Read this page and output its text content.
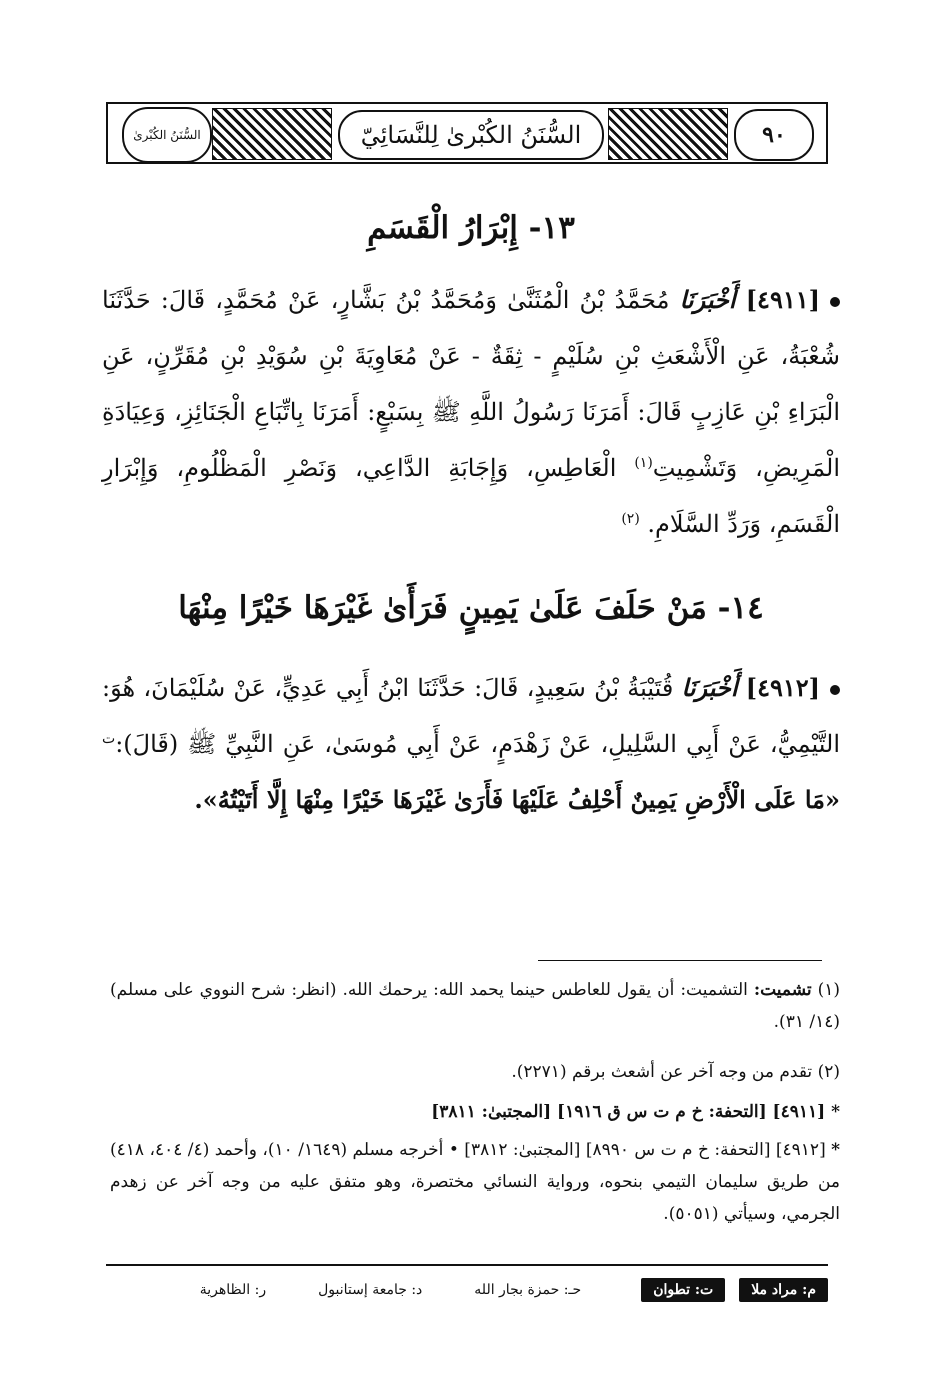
السُّنَنُ الكُبْرىٰ	السُّنَنُ الكُبْرىٰ لِلنَّسَائِيّ	٩٠
١٣- إِبْرَارُ الْقَسَمِ
[٤٩١١] أَخْبَرَنَا مُحَمَّدُ بْنُ الْمُثَنَّىٰ وَمُحَمَّدُ بْنُ بَشَّارٍ، عَنْ مُحَمَّدٍ، قَالَ: حَدَّثَنَا شُعْبَةُ، عَنِ الْأَشْعَثِ بْنِ سُلَيْمٍ - ثِقَةٌ - عَنْ مُعَاوِيَةَ بْنِ سُوَيْدِ بْنِ مُقَرِّنٍ، عَنِ الْبَرَاءِ بْنِ عَازِبٍ قَالَ: أَمَرَنَا رَسُولُ اللَّهِ ﷺ بِسَبْعٍ: أَمَرَنَا بِاتِّبَاعِ الْجَنَائِزِ، وَعِيَادَةِ الْمَرِيضِ، وَتَشْمِيتِ$^{(١)}$ الْعَاطِسِ، وَإِجَابَةِ الدَّاعِي، وَنَصْرِ الْمَظْلُومِ، وَإِبْرَارِ الْقَسَمِ، وَرَدِّ السَّلَامِ. $^{(٢)}$
١٤- مَنْ حَلَفَ عَلَىٰ يَمِينٍ فَرَأَىٰ غَيْرَهَا خَيْرًا مِنْهَا
[٤٩١٢] أَخْبَرَنَا قُتَيْبَةُ بْنُ سَعِيدٍ، قَالَ: حَدَّثَنَا ابْنُ أَبِي عَدِيٍّ، عَنْ سُلَيْمَانَ، هُوَ: التَّيْمِيُّ، عَنْ أَبِي السَّلِيلِ، عَنْ زَهْدَمٍ، عَنْ أَبِي مُوسَىٰ، عَنِ النَّبِيِّ ﷺ (قَالَ):$^ت$ «مَا عَلَى الْأَرْضِ يَمِينٌ أَحْلِفُ عَلَيْهَا فَأَرَىٰ غَيْرَهَا خَيْرًا مِنْهَا إِلَّا أَتَيْتُهُ».
(١) تشميت: التشميت: أن يقول للعاطس حينما يحمد الله: يرحمك الله. (انظر: شرح النووي على مسلم) (١٤/ ٣١).
(٢) تقدم من وجه آخر عن أشعث برقم (٢٢٧١).
* [٤٩١١] [التحفة: خ م ت س ق ١٩١٦] [المجتبىٰ: ٣٨١١]
* [٤٩١٢] [التحفة: خ م ت س ٨٩٩٠] [المجتبىٰ: ٣٨١٢] • أخرجه مسلم (١٦٤٩/ ١٠)، وأحمد (٤/ ٤٠٤، ٤١٨) من طريق سليمان التيمي بنحوه، ورواية النسائي مختصرة، وهو متفق عليه من وجه آخر عن زهدم الجرمي، وسيأتي (٥٠٥١).
م: مراد ملا
ت: تطوان
حـ: حمزة بجار الله
د: جامعة إستانبول
ر: الظاهرية
